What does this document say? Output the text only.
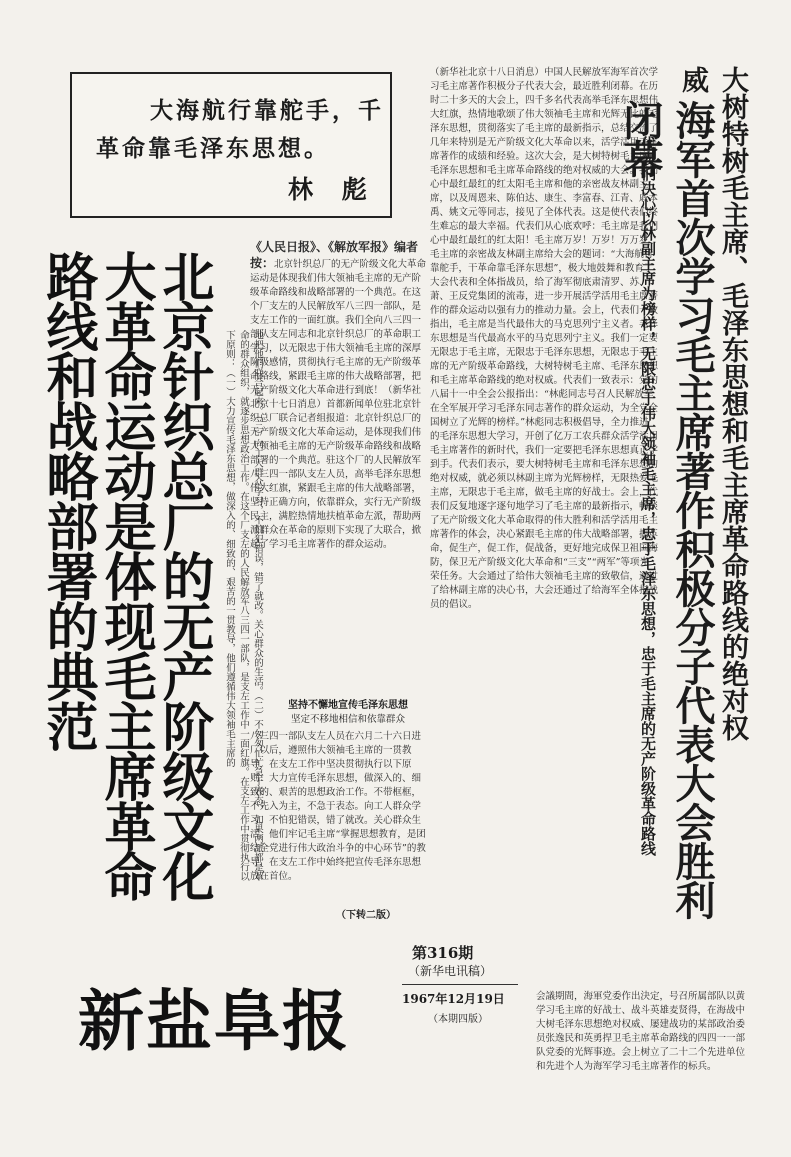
大海航行靠舵手，千
革命靠毛泽东思想。
林 彪
北京针织总厂的无产阶级文化大革命运动是体现毛主席革命路线和战略部署的典范	地把他们联合起来。（三）向工人群众学习，不怕犯错误，错了就改。关心群众的生活。（二）不匆匆忙忙急于表态，如果两派都是革命的群众组织，就逐步思想政治工作。在这个厂支左的人民解放军八三四一部队，是支左工作中一面红旗。在支左工作中贯彻执行以下原则：（一）大力宣传毛泽东思想，做深入的、细致的、艰苦的一贯教导，他们遵循伟大领袖毛主席的
《人民日报》、《解放军报》编者按：北京针织总厂的无产阶级文化大革命运动是体现我们伟大领袖毛主席的无产阶级革命路线和战略部署的一个典范。在这个厂支左的人民解放军八三四一部队，是支左工作的一面红旗。我们全向八三四一部队支左同志和北京针织总厂的革命职工学习，以无限忠于伟大领袖毛主席的深厚阶级感情，贯彻执行毛主席的无产阶级革命路线，紧跟毛主席的伟大战略部署，把无产阶级文化大革命进行到底！（新华社北京十七日消息）首都新闻单位驻北京针织总厂联合记者组报道：北京针织总厂的无产阶级文化大革命运动，是体现我们伟大领袖毛主席的无产阶级革命路线和战略部署的一个典范。驻这个厂的人民解放军八三四一部队支左人员，高举毛泽东思想伟大红旗，紧跟毛主席的伟大战略部署，坚持正确方向，依靠群众，实行无产阶级民主，满腔热情地扶植革命左派，帮助两派群众在革命的原则下实现了大联合，掀起了学习毛主席著作的群众运动。
坚持不懈地宣传毛泽东思想
坚定不移地相信和依靠群众
八三四一部队支左人员在六月二十六日进厂以后，遵照伟大领袖毛主席的一贯教导，在支左工作中坚决贯彻执行以下原则：大力宣传毛泽东思想，做深入的、细致的、艰苦的思想政治工作。不带框框，不先入为主，不急于表态。向工人群众学习，不怕犯错误，错了就改。关心群众生活。他们牢记毛主席“掌握思想教育，是团结全党进行伟大政治斗争的中心环节”的教导，在支左工作中始终把宣传毛泽东思想放在首位。
（下转二版）
（新华社北京十八日消息）中国人民解放军海军首次学习毛主席著作积极分子代表大会，最近胜利闭幕。在历时二十多天的大会上，四千多名代表高举毛泽东思想伟大红旗，热情地歌颂了伟大领袖毛主席和光辉无比的毛泽东思想，贯彻落实了毛主席的最新指示，总结交流了几年来特别是无产阶级文化大革命以来，活学活用毛主席著作的成绩和经验。这次大会，是大树特树毛主席、毛泽东思想和毛主席革命路线的绝对权威的大会。我们心中最红最红的红太阳毛主席和他的亲密战友林副主席，以及周恩来、陈伯达、康生、李富春、江青、戚本禹、姚文元等同志，接见了全体代表。这是使代表们终生难忘的最大幸福。代表们从心底欢呼：毛主席是我们心中最红最红的红太阳！毛主席万岁！万岁！万万岁！毛主席的亲密战友林副主席给大会的题词：“大海航行靠舵手，干革命靠毛泽东思想”，极大地鼓舞和教育了大会代表和全体指战员，给了海军彻底肃清罗、苏、萧、王反党集团的流毒，进一步开展活学活用毛主席著作的群众运动以强有力的推动力量。会上，代表们一致指出，毛主席是当代最伟大的马克思列宁主义者。毛泽东思想是当代最高水平的马克思列宁主义。我们一定要无限忠于毛主席，无限忠于毛泽东思想，无限忠于毛主席的无产阶级革命路线，大树特树毛主席、毛泽东思想和毛主席革命路线的绝对权威。代表们一致表示：党的八届十一中全会公报指出：“林彪同志号召人民解放军在全军展开学习毛泽东同志著作的群众运动，为全党全国树立了光辉的榜样。”林彪同志积极倡导，全力推进的毛泽东思想大学习，开创了亿万工农兵群众活学活用毛主席著作的新时代，我们一定要把毛泽东思想真正学到手。代表们表示，要大树特树毛主席和毛泽东思想的绝对权威，就必须以林副主席为光辉榜样，无限热爱毛主席，无限忠于毛主席，做毛主席的好战士。会上，代表们反复地逐字逐句地学习了毛主席的最新指示，畅谈了无产阶级文化大革命取得的伟大胜利和活学活用毛主席著作的体会，决心紧跟毛主席的伟大战略部署，抓革命，促生产，促工作，促战备，更好地完成保卫祖国海防，保卫无产阶级文化大革命和“三支”“两军”等项光荣任务。大会通过了给伟大领袖毛主席的致敬信，通过了给林副主席的决心书，大会还通过了给海军全体指战员的倡议。	大树特树毛主席、毛泽东思想和毛主席革命路线的绝对权威
海军首次学习毛主席著作积极分子代表大会胜利闭幕
代表们决心以林副主席为榜样，无限忠于伟大领袖毛主席，忠于毛泽东思想，忠于毛主席的无产阶级革命路线
新盐阜报
第316期
（新华电讯稿）
1967年12月19日
（本期四版）
会議期間，海軍党委作出決定，号召所属部队以黄学习毛主席的好战士、战斗英雄麦贤得，在海战中大树毛泽东思想绝对权威、屡建战功的某部政治委员张逸民和英勇捍卫毛主席革命路线的四四一一部队党委的光辉事迹。会上树立了二十二个先进单位和先进个人为海军学习毛主席著作的标兵。
